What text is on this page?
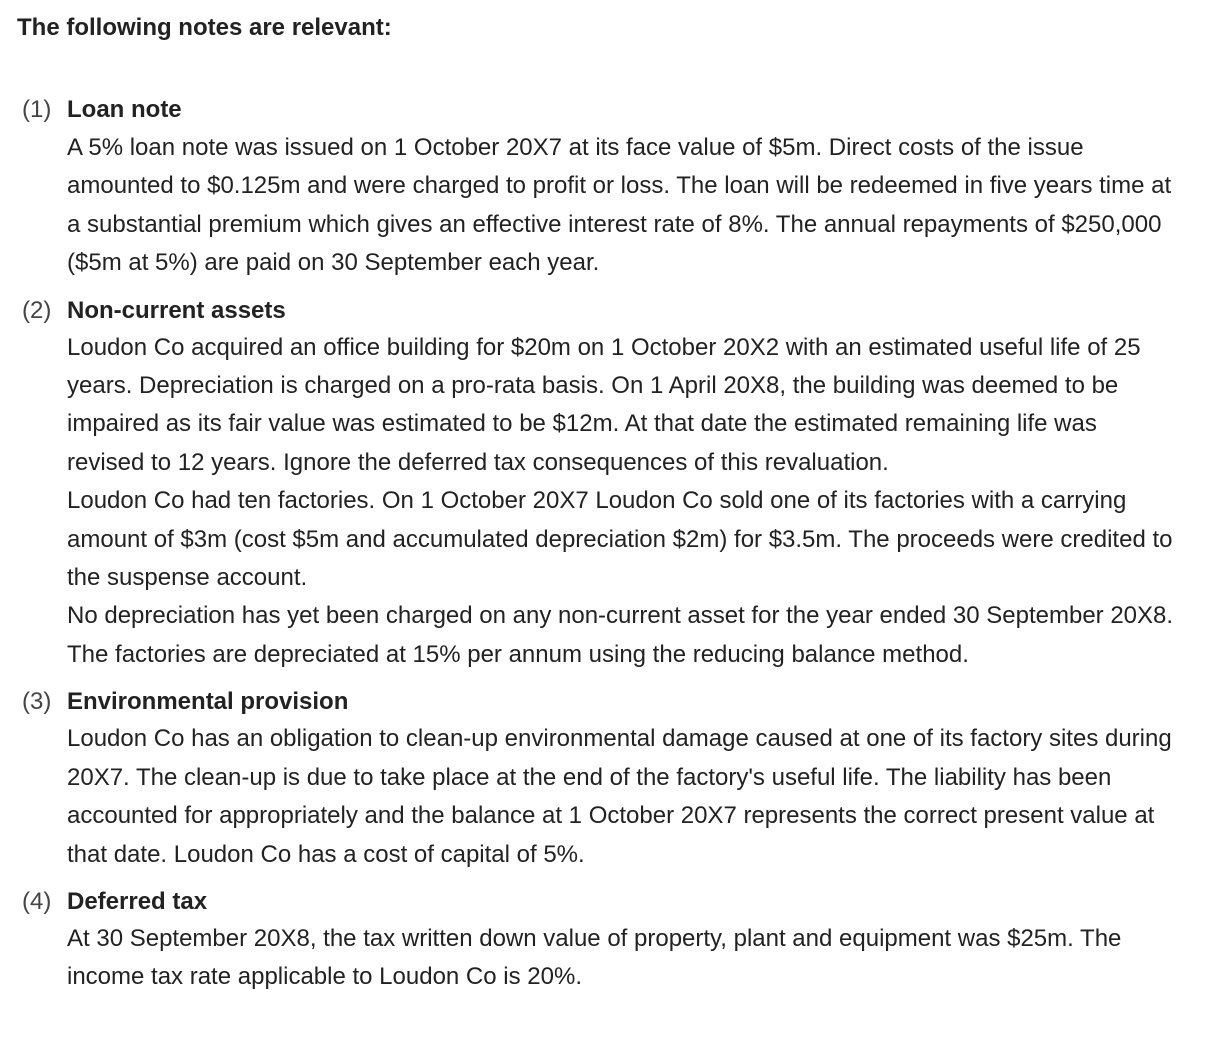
The following notes are relevant:
(1) Loan note

A 5% loan note was issued on 1 October 20X7 at its face value of $5m. Direct costs of the issue amounted to $0.125m and were charged to profit or loss. The loan will be redeemed in five years time at a substantial premium which gives an effective interest rate of 8%. The annual repayments of $250,000 ($5m at 5%) are paid on 30 September each year.

(2) Non-current assets

Loudon Co acquired an office building for $20m on 1 October 20X2 with an estimated useful life of 25 years. Depreciation is charged on a pro-rata basis. On 1 April 20X8, the building was deemed to be impaired as its fair value was estimated to be $12m. At that date the estimated remaining life was revised to 12 years. Ignore the deferred tax consequences of this revaluation.

Loudon Co had ten factories. On 1 October 20X7 Loudon Co sold one of its factories with a carrying amount of $3m (cost $5m and accumulated depreciation $2m) for $3.5m. The proceeds were credited to the suspense account.

No depreciation has yet been charged on any non-current asset for the year ended 30 September 20X8. The factories are depreciated at 15% per annum using the reducing balance method.

(3) Environmental provision

Loudon Co has an obligation to clean-up environmental damage caused at one of its factory sites during 20X7. The clean-up is due to take place at the end of the factory's useful life. The liability has been accounted for appropriately and the balance at 1 October 20X7 represents the correct present value at that date. Loudon Co has a cost of capital of 5%.

(4) Deferred tax

At 30 September 20X8, the tax written down value of property, plant and equipment was $25m. The income tax rate applicable to Loudon Co is 20%.
